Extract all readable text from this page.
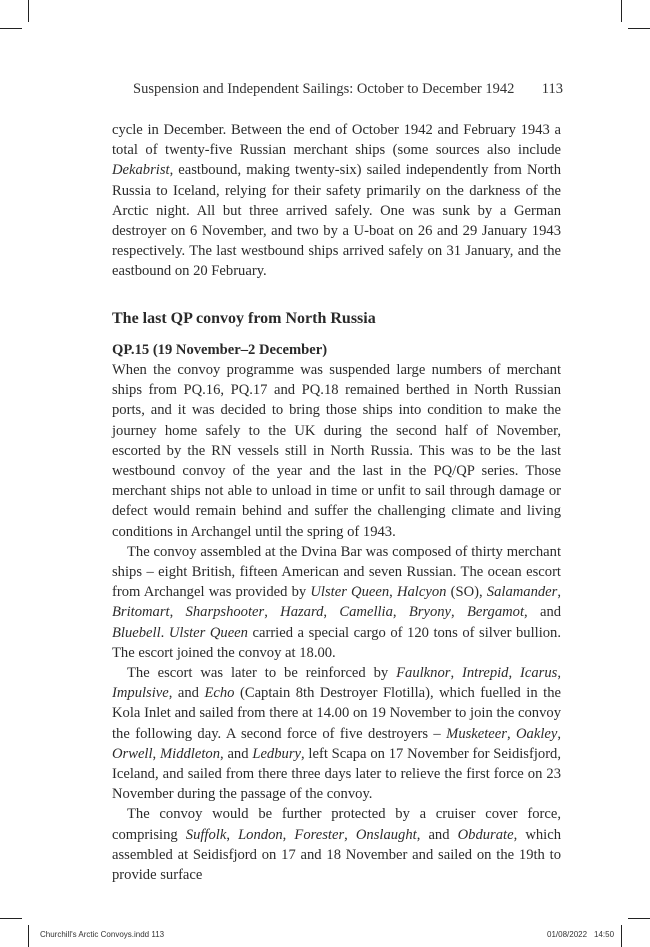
Suspension and Independent Sailings: October to December 1942 113

cycle in December. Between the end of October 1942 and February 1943 a total of twenty-five Russian merchant ships (some sources also include Dekabrist, eastbound, making twenty-six) sailed independently from North Russia to Iceland, relying for their safety primarily on the darkness of the Arctic night. All but three arrived safely. One was sunk by a German destroyer on 6 November, and two by a U-boat on 26 and 29 January 1943 respectively. The last westbound ships arrived safely on 31 January, and the eastbound on 20 February.

The last QP convoy from North Russia
QP.15 (19 November–2 December)

When the convoy programme was suspended large numbers of merchant ships from PQ.16, PQ.17 and PQ.18 remained berthed in North Russian ports, and it was decided to bring those ships into condition to make the journey home safely to the UK during the second half of November, escorted by the RN vessels still in North Russia. This was to be the last westbound convoy of the year and the last in the PQ/QP series. Those merchant ships not able to unload in time or unfit to sail through damage or defect would remain behind and suffer the challenging climate and living conditions in Archangel until the spring of 1943.

The convoy assembled at the Dvina Bar was composed of thirty merchant ships – eight British, fifteen American and seven Russian. The ocean escort from Archangel was provided by Ulster Queen, Halcyon (SO), Salamander, Britomart, Sharpshooter, Hazard, Camellia, Bryony, Bergamot, and Bluebell. Ulster Queen carried a special cargo of 120 tons of silver bullion. The escort joined the convoy at 18.00.

The escort was later to be reinforced by Faulknor, Intrepid, Icarus, Impulsive, and Echo (Captain 8th Destroyer Flotilla), which fuelled in the Kola Inlet and sailed from there at 14.00 on 19 November to join the convoy the following day. A second force of five destroyers – Musketeer, Oakley, Orwell, Middleton, and Ledbury, left Scapa on 17 November for Seidisfjord, Iceland, and sailed from there three days later to relieve the first force on 23 November during the passage of the convoy.

The convoy would be further protected by a cruiser cover force, comprising Suffolk, London, Forester, Onslaught, and Obdurate, which assembled at Seidisfjord on 17 and 18 November and sailed on the 19th to provide surface

Churchill's Arctic Convoys.indd 113	01/08/2022 14:50
